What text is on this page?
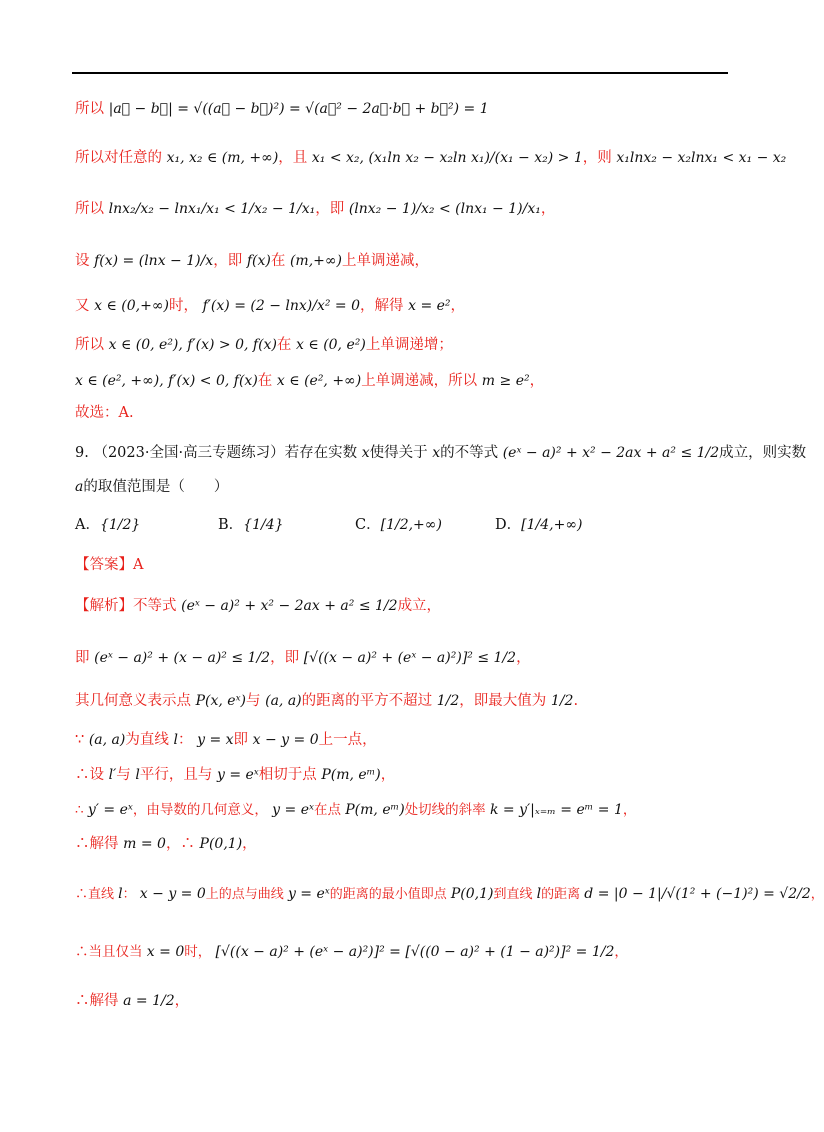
所以 |a⃗ − b⃗| = √((a⃗ − b⃗)²) = √(a⃗² − 2a⃗·b⃗ + b⃗²) = 1
所以对任意的 x₁, x₂ ∈ (m, +∞)，且 x₁ < x₂, (x₁ln x₂ − x₂ln x₁)/(x₁ − x₂) > 1，则 x₁lnx₂ − x₂lnx₁ < x₁ − x₂
所以 lnx₂/x₂ − lnx₁/x₁ < 1/x₂ − 1/x₁，即 (lnx₂ − 1)/x₂ < (lnx₁ − 1)/x₁，
设 f(x) = (lnx − 1)/x，即 f(x)在 (m,+∞)上单调递减，
又 x ∈ (0,+∞)时， f′(x) = (2 − lnx)/x² = 0，解得 x = e²，
所以 x ∈ (0, e²), f′(x) > 0, f(x)在 x ∈ (0, e²)上单调递增；
x ∈ (e², +∞), f′(x) < 0, f(x)在 x ∈ (e², +∞)上单调递减，所以 m ≥ e²，
故选：A.
9. （2023·全国·高三专题练习）若存在实数 x使得关于 x的不等式 (eˣ − a)² + x² − 2ax + a² ≤ 1/2成立，则实数
a的取值范围是（　　）
A．{1/2}	B．{1/4}	C．[1/2,+∞)	D．[1/4,+∞)
【答案】A
【解析】不等式 (eˣ − a)² + x² − 2ax + a² ≤ 1/2成立，
即 (eˣ − a)² + (x − a)² ≤ 1/2，即 [√((x − a)² + (eˣ − a)²)]² ≤ 1/2，
其几何意义表示点 P(x, eˣ)与 (a, a)的距离的平方不超过 1/2，即最大值为 1/2.
∵ (a, a)为直线 l： y = x即 x − y = 0上一点，
∴设 l′与 l平行，且与 y = eˣ相切于点 P(m, eᵐ)，
∴ y′ = eˣ，由导数的几何意义， y = eˣ在点 P(m, eᵐ)处切线的斜率 k = y′|ₓ₌ₘ = eᵐ = 1，
∴解得 m = 0，∴ P(0,1)，
∴直线 l： x − y = 0上的点与曲线 y = eˣ的距离的最小值即点 P(0,1)到直线 l的距离 d = |0 − 1|/√(1² + (−1)²) = √2/2，
∴当且仅当 x = 0时， [√((x − a)² + (eˣ − a)²)]² = [√((0 − a)² + (1 − a)²)]² = 1/2，
∴解得 a = 1/2，
